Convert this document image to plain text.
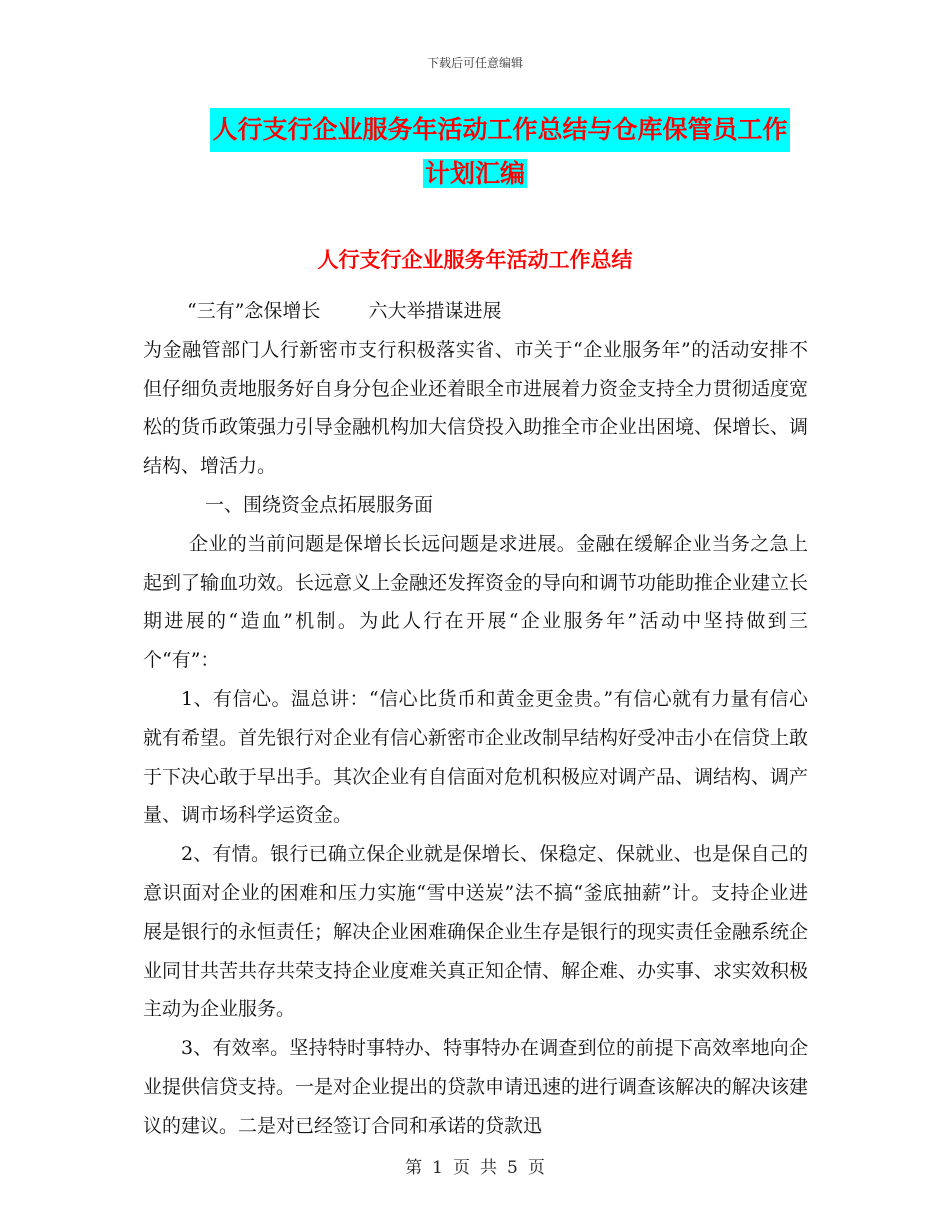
下载后可任意编辑
人行支行企业服务年活动工作总结与仓库保管员工作
计划汇编
人行支行企业服务年活动工作总结

“三有”念保增长	六大举措谋进展

为金融管部门人行新密市支行积极落实省、市关于“企业服务年”的活动安排不但仔细负责地服务好自身分包企业还着眼全市进展着力资金支持全力贯彻适度宽松的货币政策强力引导金融机构加大信贷投入助推全市企业出困境、保增长、调结构、增活力。

一、围绕资金点拓展服务面

企业的当前问题是保增长长远问题是求进展。金融在缓解企业当务之急上起到了输血功效。长远意义上金融还发挥资金的导向和调节功能助推企业建立长期进展的“造血”机制。为此人行在开展“企业服务年”活动中坚持做到三个“有”：

1、有信心。温总讲：“信心比货币和黄金更金贵。”有信心就有力量有信心就有希望。首先银行对企业有信心新密市企业改制早结构好受冲击小在信贷上敢于下决心敢于早出手。其次企业有自信面对危机积极应对调产品、调结构、调产量、调市场科学运资金。

2、有情。银行已确立保企业就是保增长、保稳定、保就业、也是保自己的意识面对企业的困难和压力实施“雪中送炭”法不搞“釜底抽薪”计。支持企业进展是银行的永恒责任；解决企业困难确保企业生存是银行的现实责任金融系统企业同甘共苦共存共荣支持企业度难关真正知企情、解企难、办实事、求实效积极主动为企业服务。

3、有效率。坚持特时事特办、特事特办在调查到位的前提下高效率地向企业提供信贷支持。一是对企业提出的贷款申请迅速的进行调查该解决的解决该建议的建议。二是对已经签订合同和承诺的贷款迅

第 1 页 共 5 页
